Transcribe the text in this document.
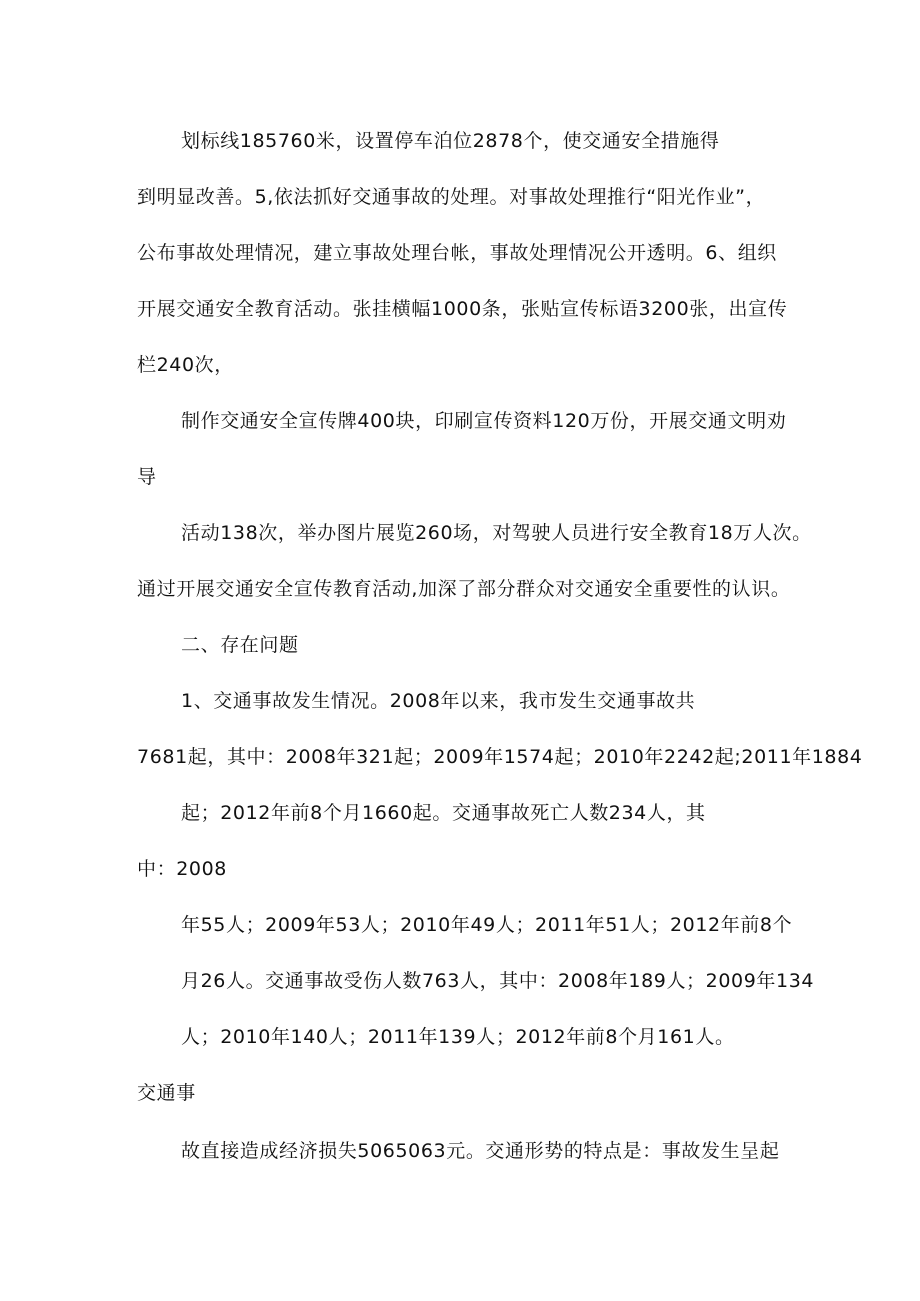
划标线185760米，设置停车泊位2878个，使交通安全措施得
到明显改善。5,依法抓好交通事故的处理。对事故处理推行“阳光作业”，
公布事故处理情况，建立事故处理台帐，事故处理情况公开透明。6、组织
开展交通安全教育活动。张挂横幅1000条，张贴宣传标语3200张，出宣传
栏240次，
制作交通安全宣传牌400块，印刷宣传资料120万份，开展交通文明劝
导
活动138次，举办图片展览260场，对驾驶人员进行安全教育18万人次。
通过开展交通安全宣传教育活动,加深了部分群众对交通安全重要性的认识。
二、存在问题
1、交通事故发生情况。2008年以来，我市发生交通事故共
7681起，其中：2008年321起；2009年1574起；2010年2242起;2011年1884
起；2012年前8个月1660起。交通事故死亡人数234人，其
中：2008
年55人；2009年53人；2010年49人；2011年51人；2012年前8个
月26人。交通事故受伤人数763人，其中：2008年189人；2009年134
人；2010年140人；2011年139人；2012年前8个月161人。
交通事
故直接造成经济损失5065063元。交通形势的特点是：事故发生呈起
